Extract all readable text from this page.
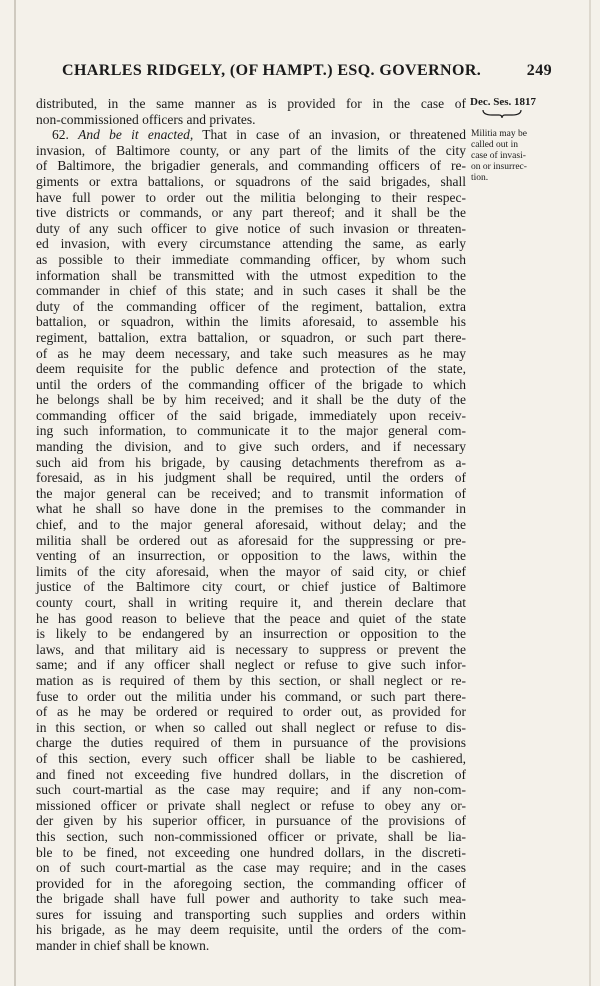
CHARLES RIDGELY, (OF HAMPT.) ESQ. GOVERNOR.	249
Dec. Ses. 1817
Militia may be
called out in
case of invasi-
on or insurrec-
tion.
distributed, in the same manner as is provided for in the case of
non-commissioned officers and privates.
62. And be it enacted, That in case of an invasion, or threatened
invasion, of Baltimore county, or any part of the limits of the city
of Baltimore, the brigadier generals, and commanding officers of re-
giments or extra battalions, or squadrons of the said brigades, shall
have full power to order out the militia belonging to their respec-
tive districts or commands, or any part thereof; and it shall be the
duty of any such officer to give notice of such invasion or threaten-
ed invasion, with every circumstance attending the same, as early
as possible to their immediate commanding officer, by whom such
information shall be transmitted with the utmost expedition to the
commander in chief of this state; and in such cases it shall be the
duty of the commanding officer of the regiment, battalion, extra
battalion, or squadron, within the limits aforesaid, to assemble his
regiment, battalion, extra battalion, or squadron, or such part there-
of as he may deem necessary, and take such measures as he may
deem requisite for the public defence and protection of the state,
until the orders of the commanding officer of the brigade to which
he belongs shall be by him received; and it shall be the duty of the
commanding officer of the said brigade, immediately upon receiv-
ing such information, to communicate it to the major general com-
manding the division, and to give such orders, and if necessary
such aid from his brigade, by causing detachments therefrom as a-
foresaid, as in his judgment shall be required, until the orders of
the major general can be received; and to transmit information of
what he shall so have done in the premises to the commander in
chief, and to the major general aforesaid, without delay; and the
militia shall be ordered out as aforesaid for the suppressing or pre-
venting of an insurrection, or opposition to the laws, within the
limits of the city aforesaid, when the mayor of said city, or chief
justice of the Baltimore city court, or chief justice of Baltimore
county court, shall in writing require it, and therein declare that
he has good reason to believe that the peace and quiet of the state
is likely to be endangered by an insurrection or opposition to the
laws, and that military aid is necessary to suppress or prevent the
same; and if any officer shall neglect or refuse to give such infor-
mation as is required of them by this section, or shall neglect or re-
fuse to order out the militia under his command, or such part there-
of as he may be ordered or required to order out, as provided for
in this section, or when so called out shall neglect or refuse to dis-
charge the duties required of them in pursuance of the provisions
of this section, every such officer shall be liable to be cashiered,
and fined not exceeding five hundred dollars, in the discretion of
such court-martial as the case may require; and if any non-com-
missioned officer or private shall neglect or refuse to obey any or-
der given by his superior officer, in pursuance of the provisions of
this section, such non-commissioned officer or private, shall be lia-
ble to be fined, not exceeding one hundred dollars, in the discreti-
on of such court-martial as the case may require; and in the cases
provided for in the aforegoing section, the commanding officer of
the brigade shall have full power and authority to take such mea-
sures for issuing and transporting such supplies and orders within
his brigade, as he may deem requisite, until the orders of the com-
mander in chief shall be known.
